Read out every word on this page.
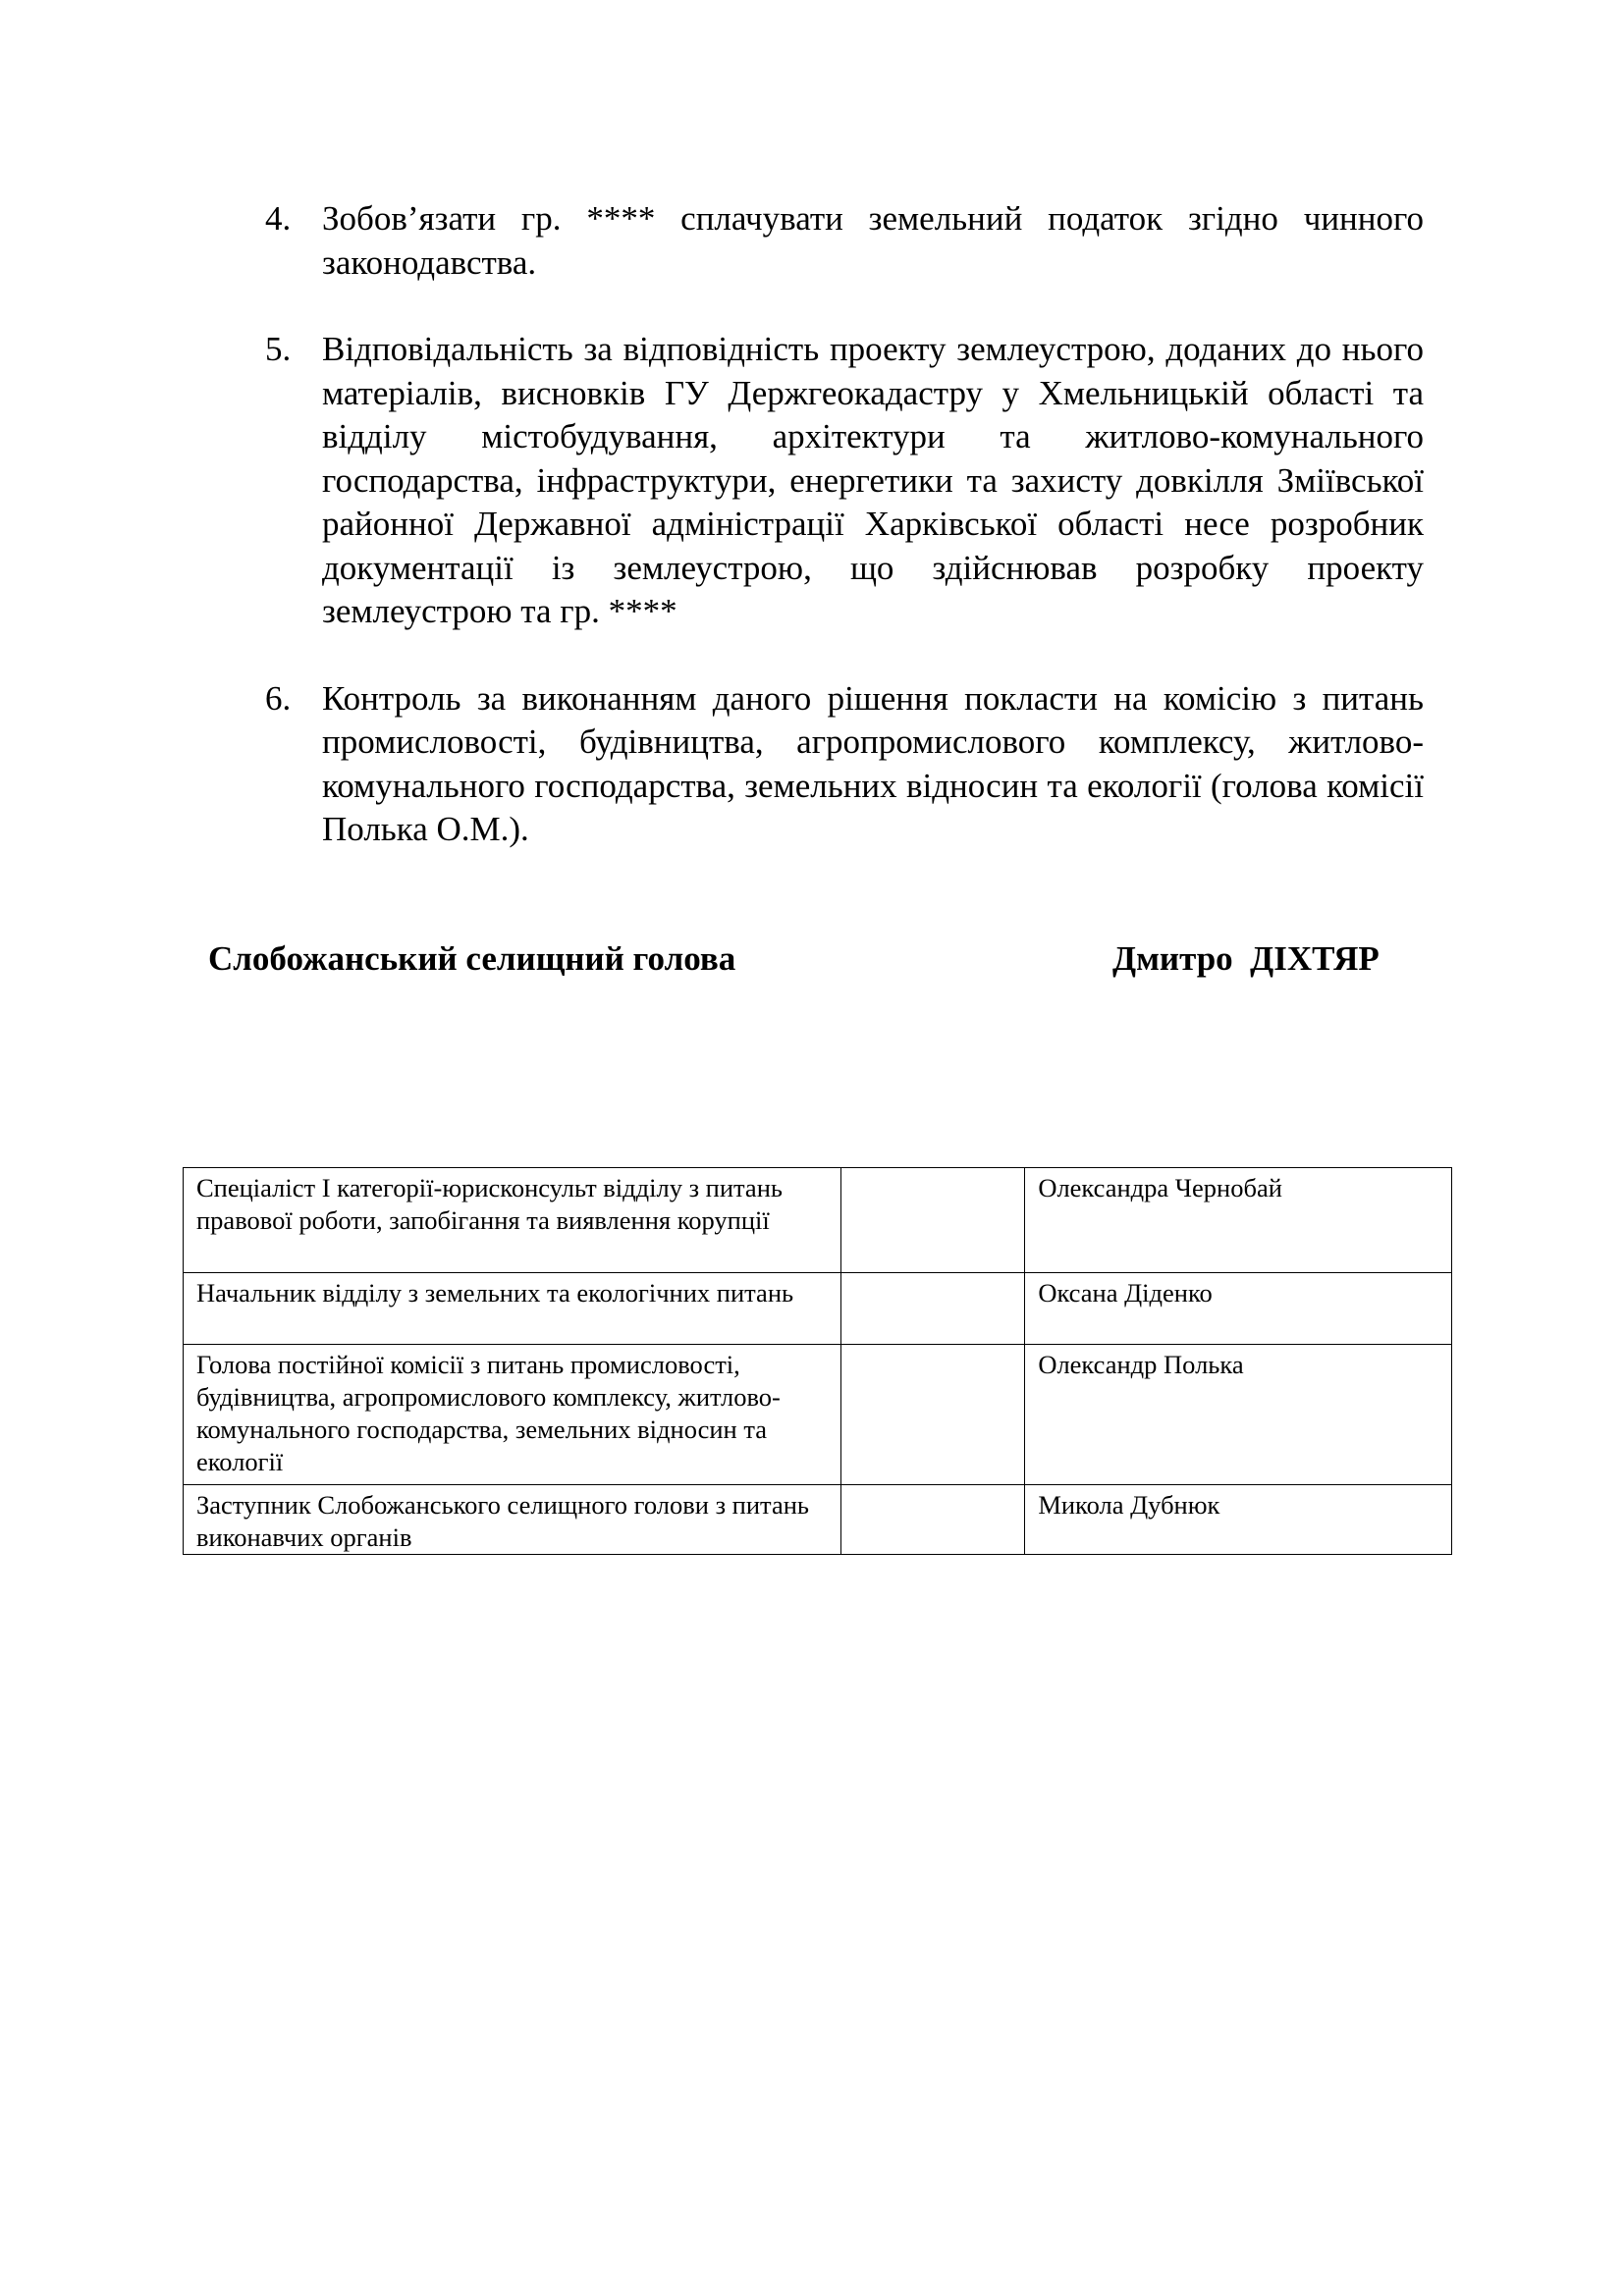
4. Зобов’язати гр. **** сплачувати земельний податок згідно чинного законодавства.
5. Відповідальність за відповідність проекту землеустрою, доданих до нього матеріалів, висновків ГУ Держгеокадастру у Хмельницькій області та відділу містобудування, архітектури та житлово-комунального господарства, інфраструктури, енергетики та захисту довкілля Зміївської районної Державної адміністрації Харківської області несе розробник документації із землеустрою, що здійснював розробку проекту землеустрою та гр. ****
6. Контроль за виконанням даного рішення покласти на комісію з питань промисловості, будівництва, агропромислового комплексу, житлово-комунального господарства, земельних відносин та екології (голова комісії Полька О.М.).
Слобожанський селищний голова	Дмитро  ДІХТЯР
Спеціаліст І категорії-юрисконсульт відділу з питань правової роботи, запобігання та виявлення корупції		Олександра Чернобай
Начальник відділу з земельних та екологічних питань		Оксана Діденко
Голова постійної комісії з питань промисловості, будівництва, агропромислового комплексу, житлово-комунального господарства, земельних відносин та екології		Олександр Полька
Заступник Слобожанського селищного голови з питань виконавчих органів		Микола Дубнюк
